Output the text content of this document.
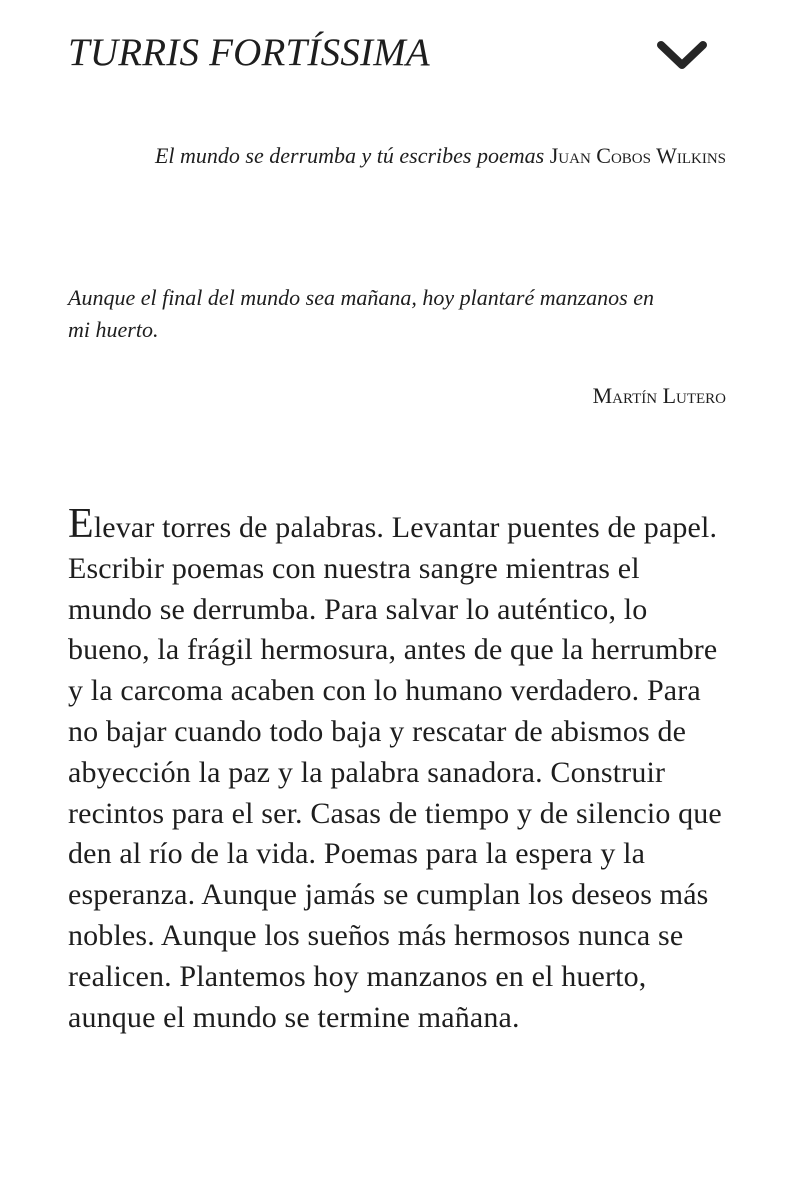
TURRIS FORTÍSSIMA
El mundo se derrumba y tú escribes poemas Juan Cobos Wilkins

Aunque el final del mundo sea mañana, hoy plantaré manzanos en mi huerto.

Martín Lutero

Elevar torres de palabras. Levantar puentes de papel. Escribir poemas con nuestra sangre mientras el mundo se derrumba. Para salvar lo auténtico, lo bueno, la frágil hermosura, antes de que la herrumbre y la carcoma acaben con lo humano verdadero. Para no bajar cuando todo baja y rescatar de abismos de abyección la paz y la palabra sanadora. Construir recintos para el ser. Casas de tiempo y de silencio que den al río de la vida. Poemas para la espera y la esperanza. Aunque jamás se cumplan los deseos más nobles. Aunque los sueños más hermosos nunca se realicen. Plantemos hoy manzanos en el huerto, aunque el mundo se termine mañana.
